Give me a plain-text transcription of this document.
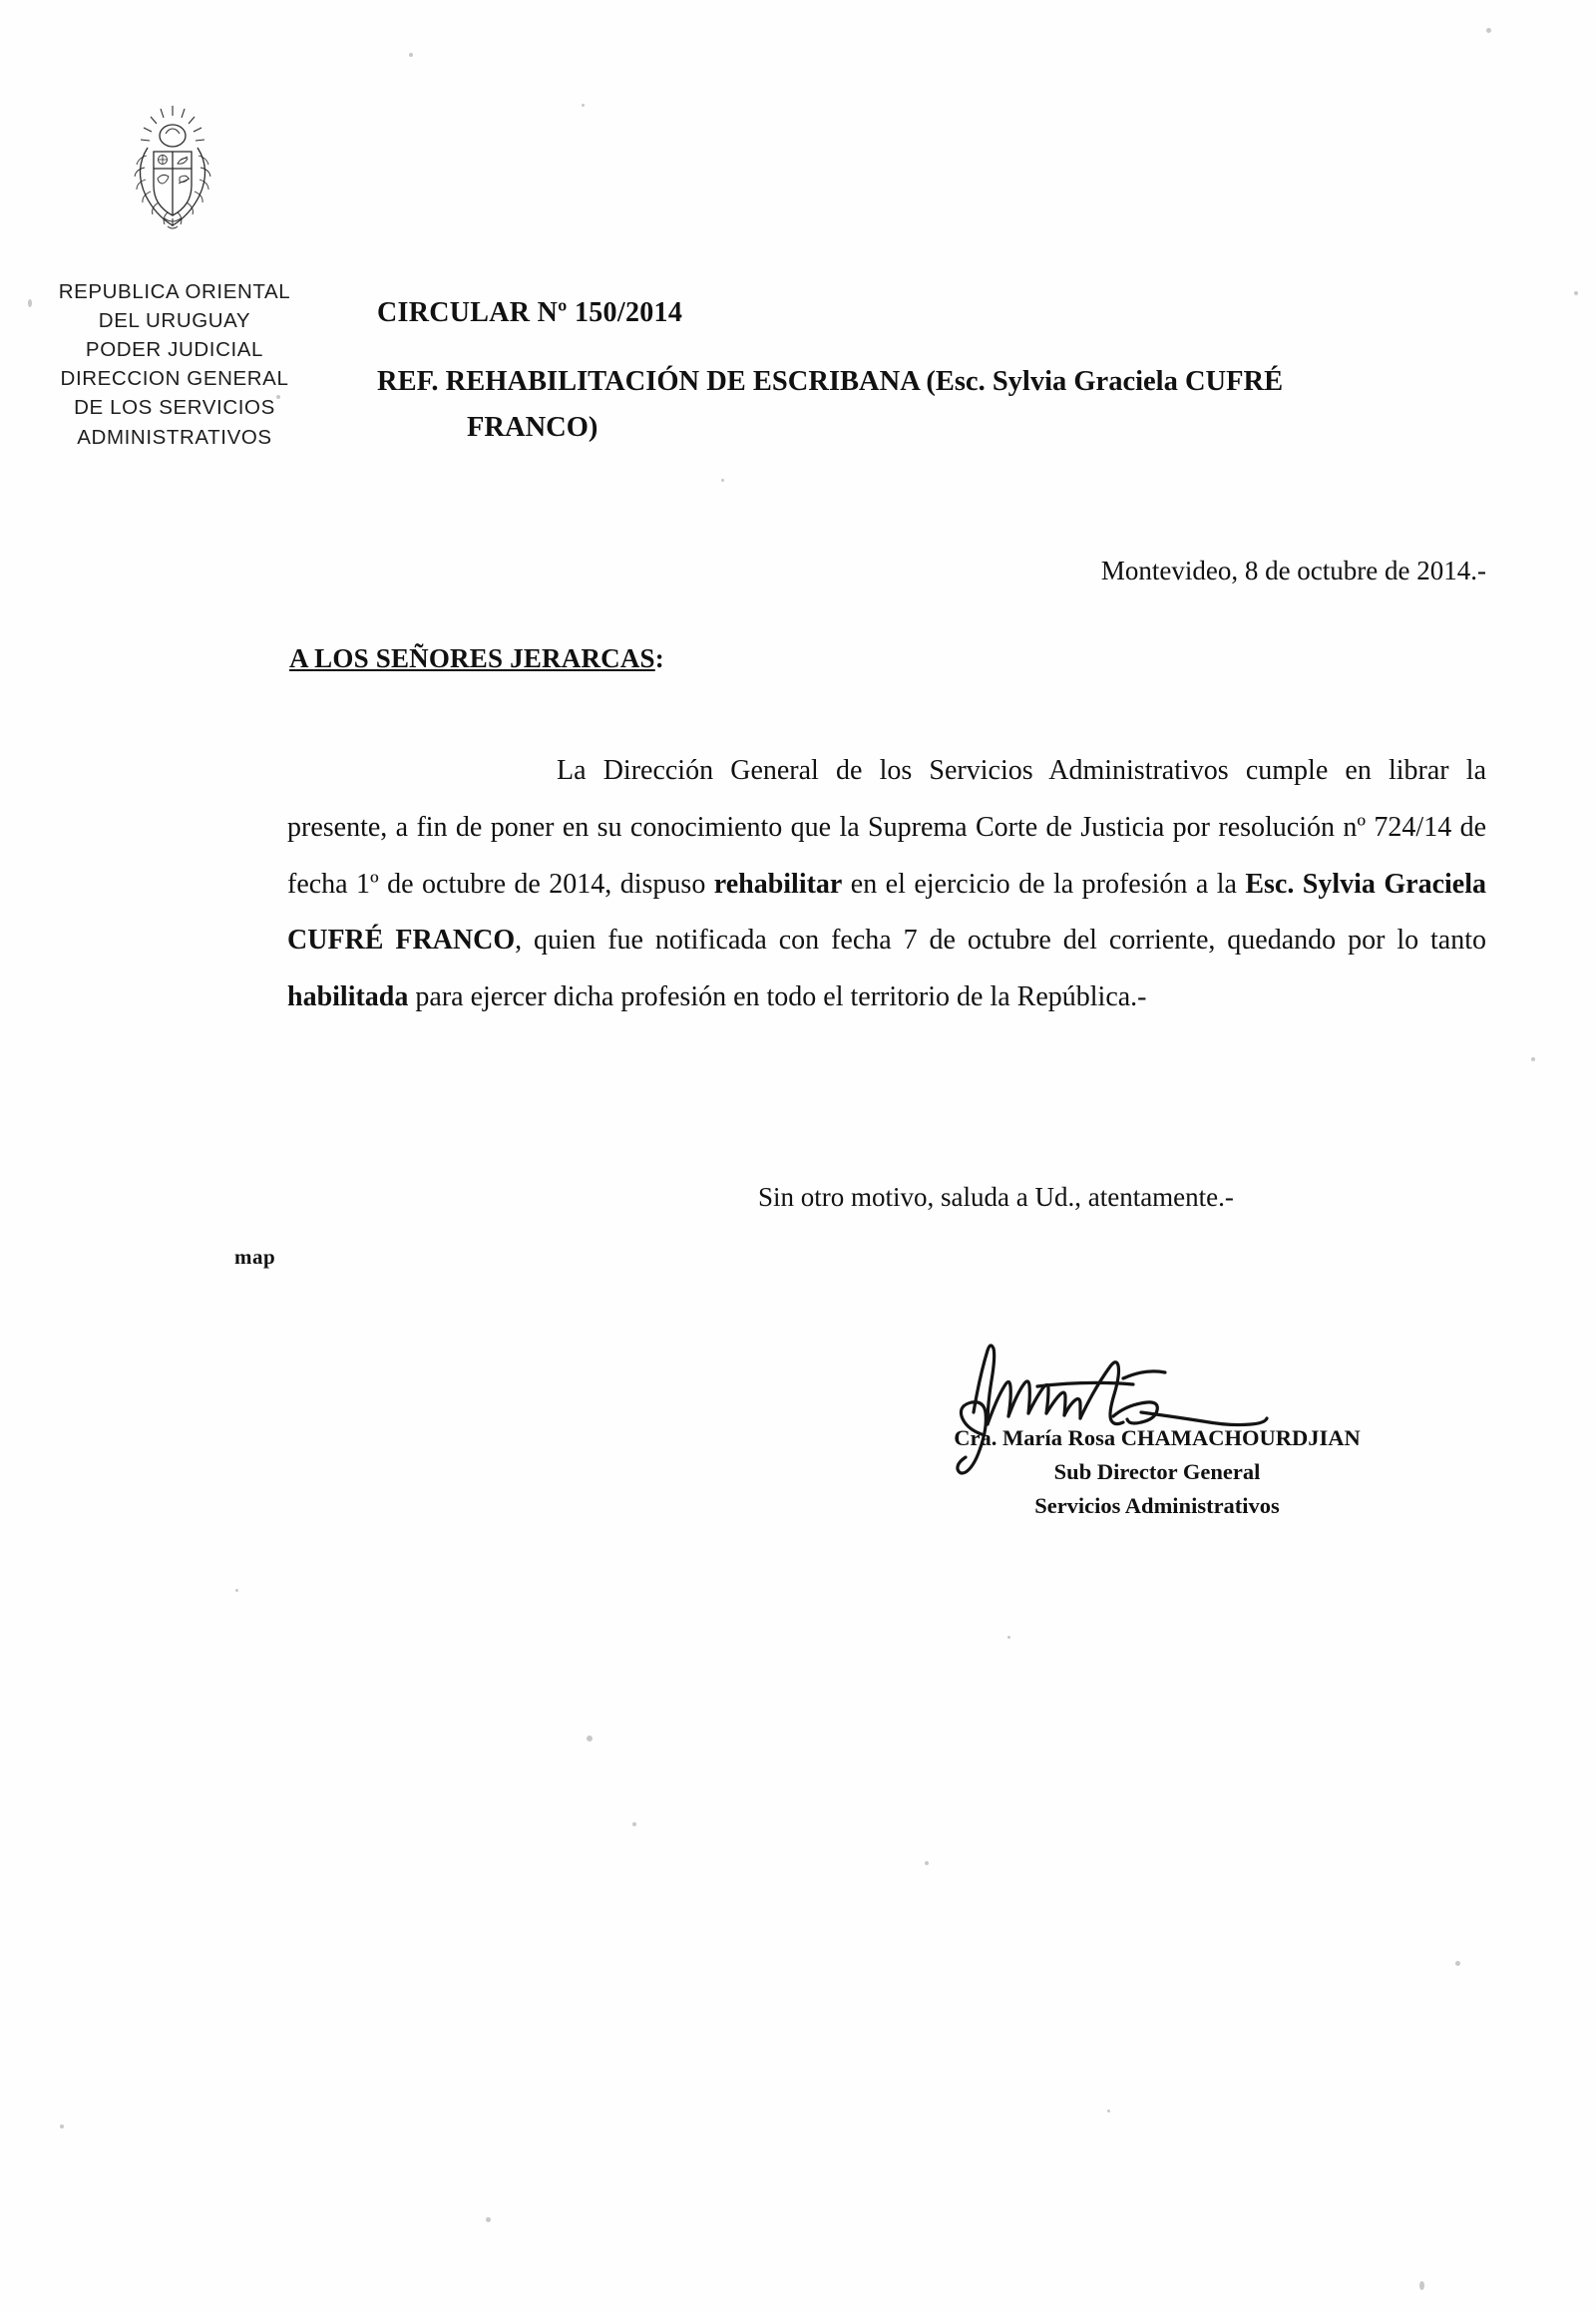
REPUBLICA ORIENTAL
DEL URUGUAY
PODER JUDICIAL
DIRECCION GENERAL
DE LOS SERVICIOS
ADMINISTRATIVOS
CIRCULAR Nº 150/2014
REF. REHABILITACIÓN DE ESCRIBANA (Esc. Sylvia Graciela CUFRÉ
FRANCO)
Montevideo, 8 de octubre de 2014.-
A LOS SEÑORES JERARCAS:
La Dirección General de los Servicios Administrativos cumple en librar la presente, a fin de poner en su conocimiento que la Suprema Corte de Justicia por resolución nº 724/14 de fecha 1º de octubre de 2014, dispuso rehabilitar en el ejercicio de la profesión a la Esc. Sylvia Graciela CUFRÉ FRANCO, quien fue notificada con fecha 7 de octubre del corriente, quedando por lo tanto habilitada para ejercer dicha profesión en todo el territorio de la República.-
Sin otro motivo, saluda a Ud., atentamente.-
map
Cra. María Rosa CHAMACHOURDJIAN
Sub Director General
Servicios Administrativos
